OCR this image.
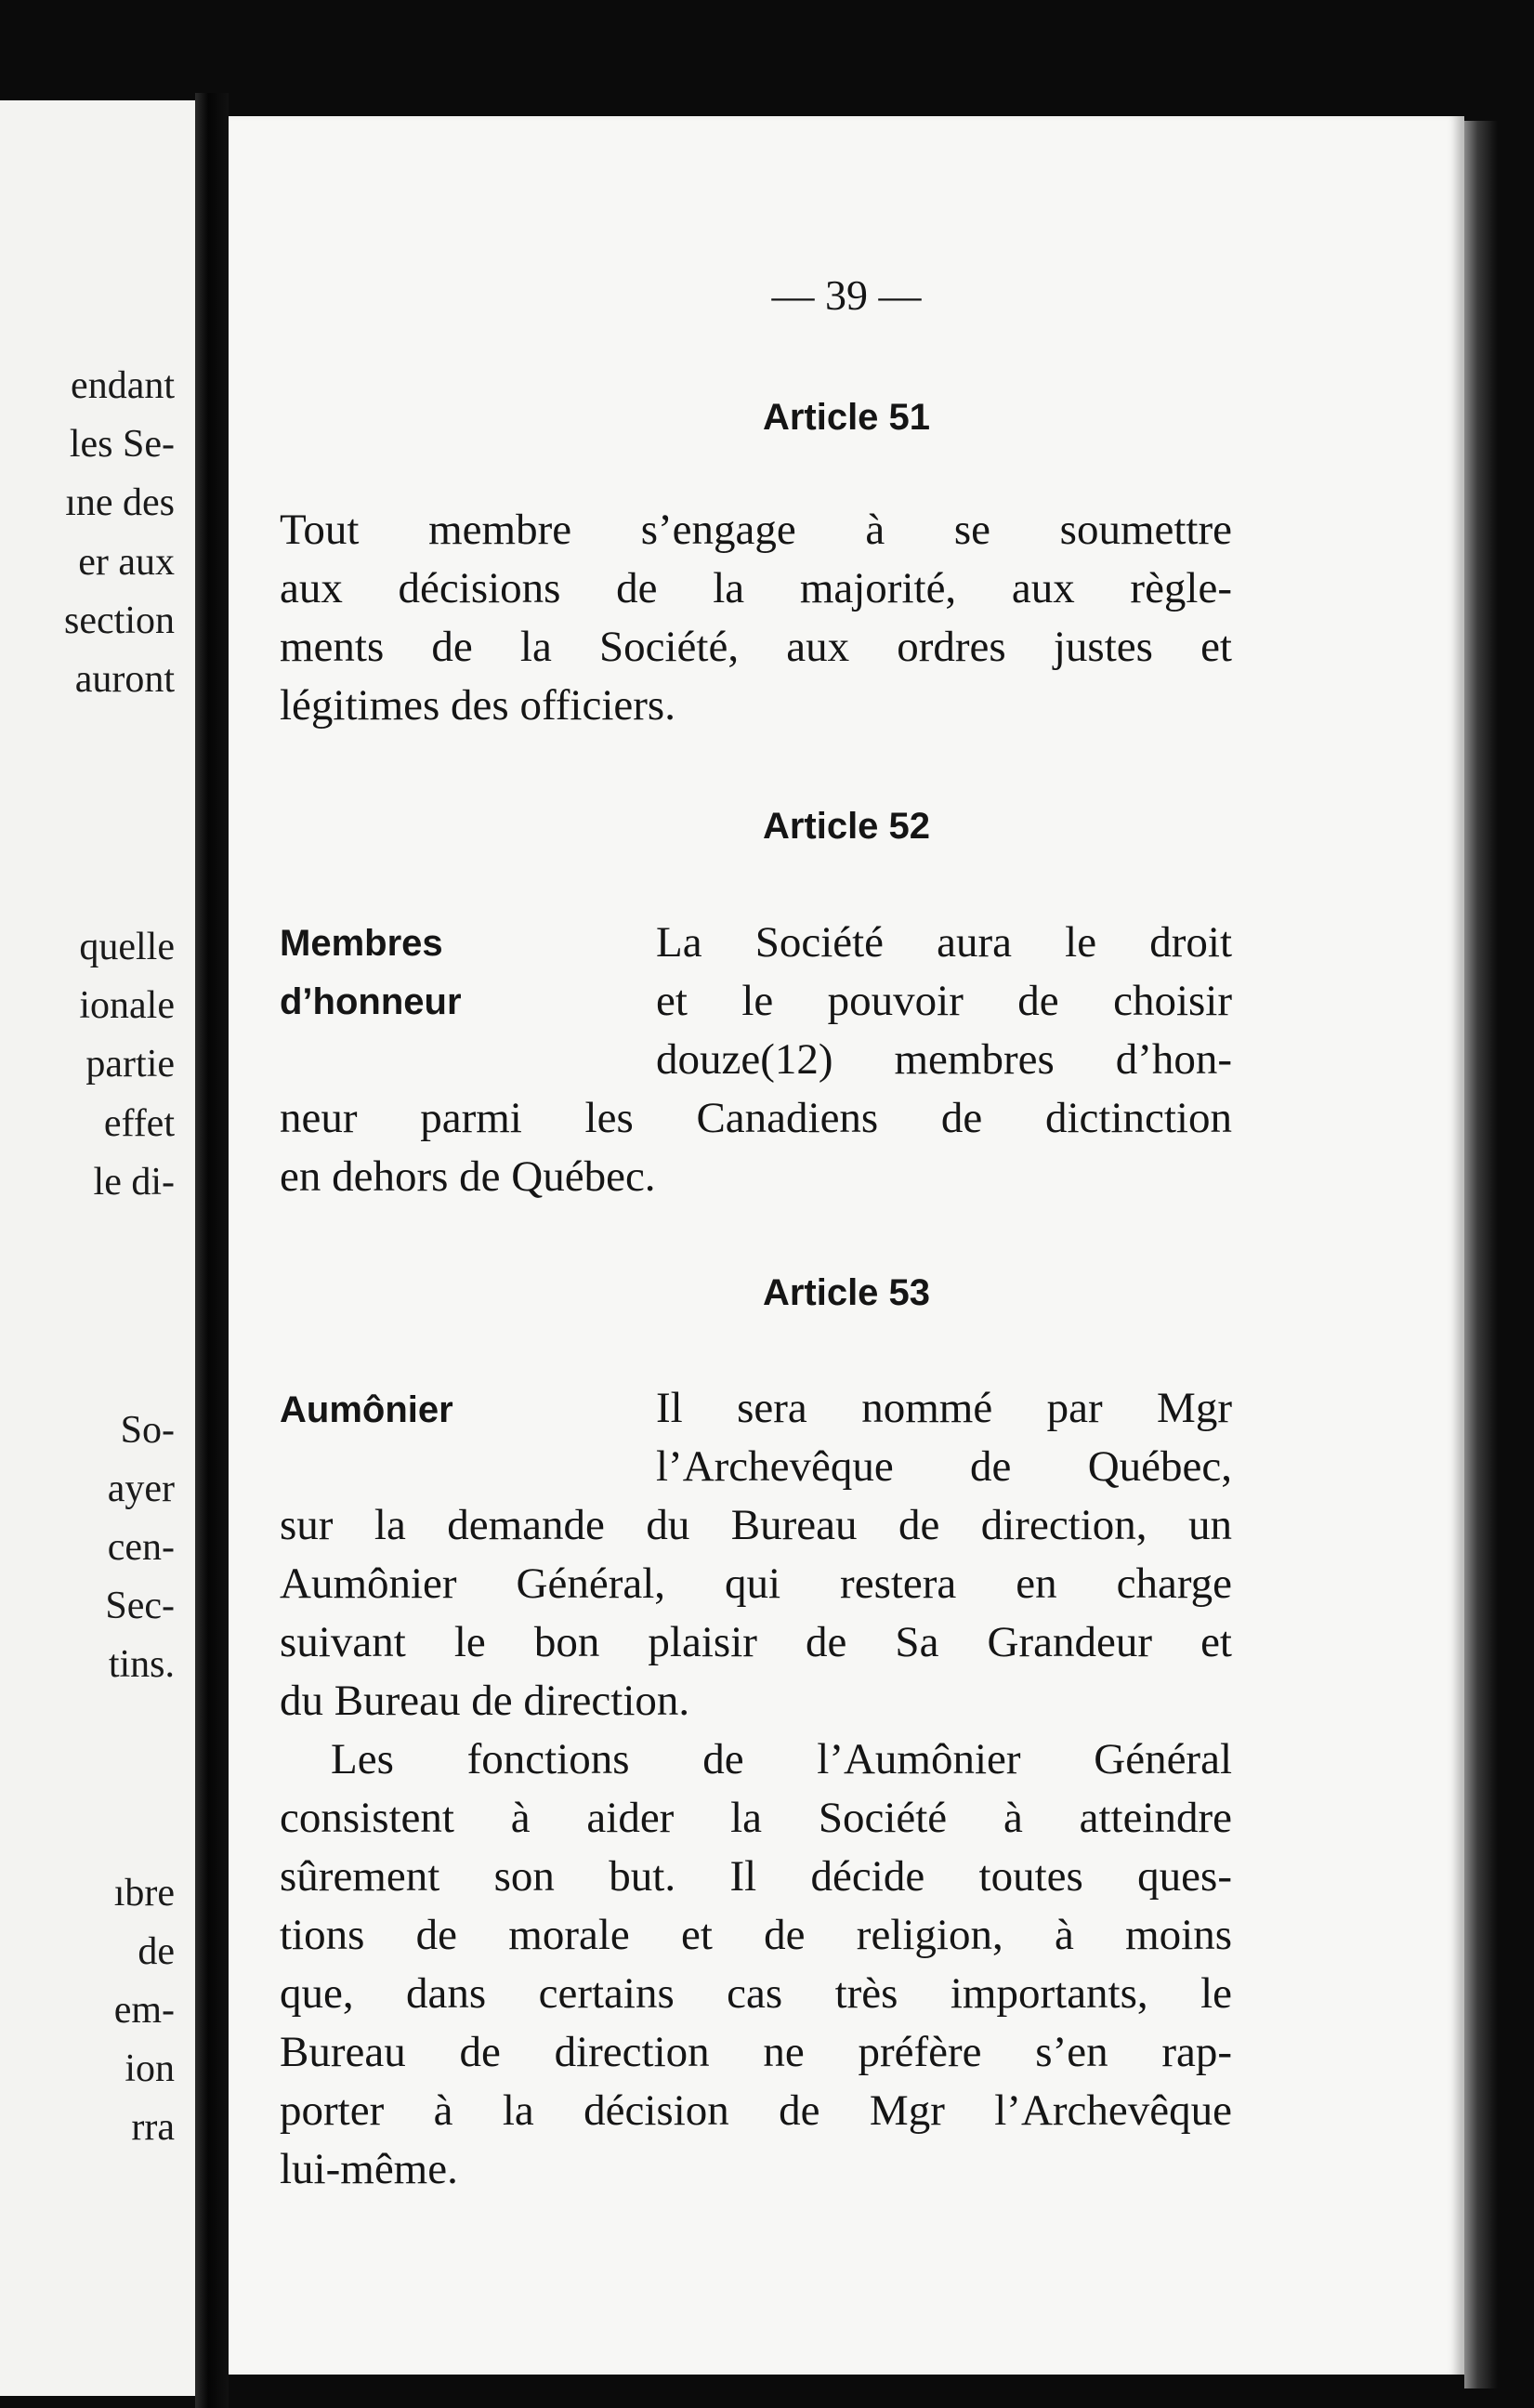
endant
les Se-
ıne des
er aux
section
auront
quelle
ionale
partie
effet
le di-
So-
ayer
cen-
Sec-
tins.
ıbre
de
em-
ion
rra
— 39 —
Article 51
Tout membre s’engage à se soumettre
aux décisions de la majorité, aux règle-
ments de la Société, aux ordres justes et
légitimes des officiers.
Article 52
Membres
d’honneur
La Société aura le droit
et le pouvoir de choisir
douze(12) membres d’hon-
neur parmi les Canadiens de dictinction
en dehors de Québec.
Article 53
Aumônier	Il sera nommé par Mgr
l’Archevêque de Québec,
sur la demande du Bureau de direction, un
Aumônier Général, qui restera en charge
suivant le bon plaisir de Sa Grandeur et
du Bureau de direction.
Les fonctions de l’Aumônier Général
consistent à aider la Société à atteindre
sûrement son but. Il décide toutes ques-
tions de morale et de religion, à moins
que, dans certains cas très importants, le
Bureau de direction ne préfère s’en rap-
porter à la décision de Mgr l’Archevêque
lui-même.
